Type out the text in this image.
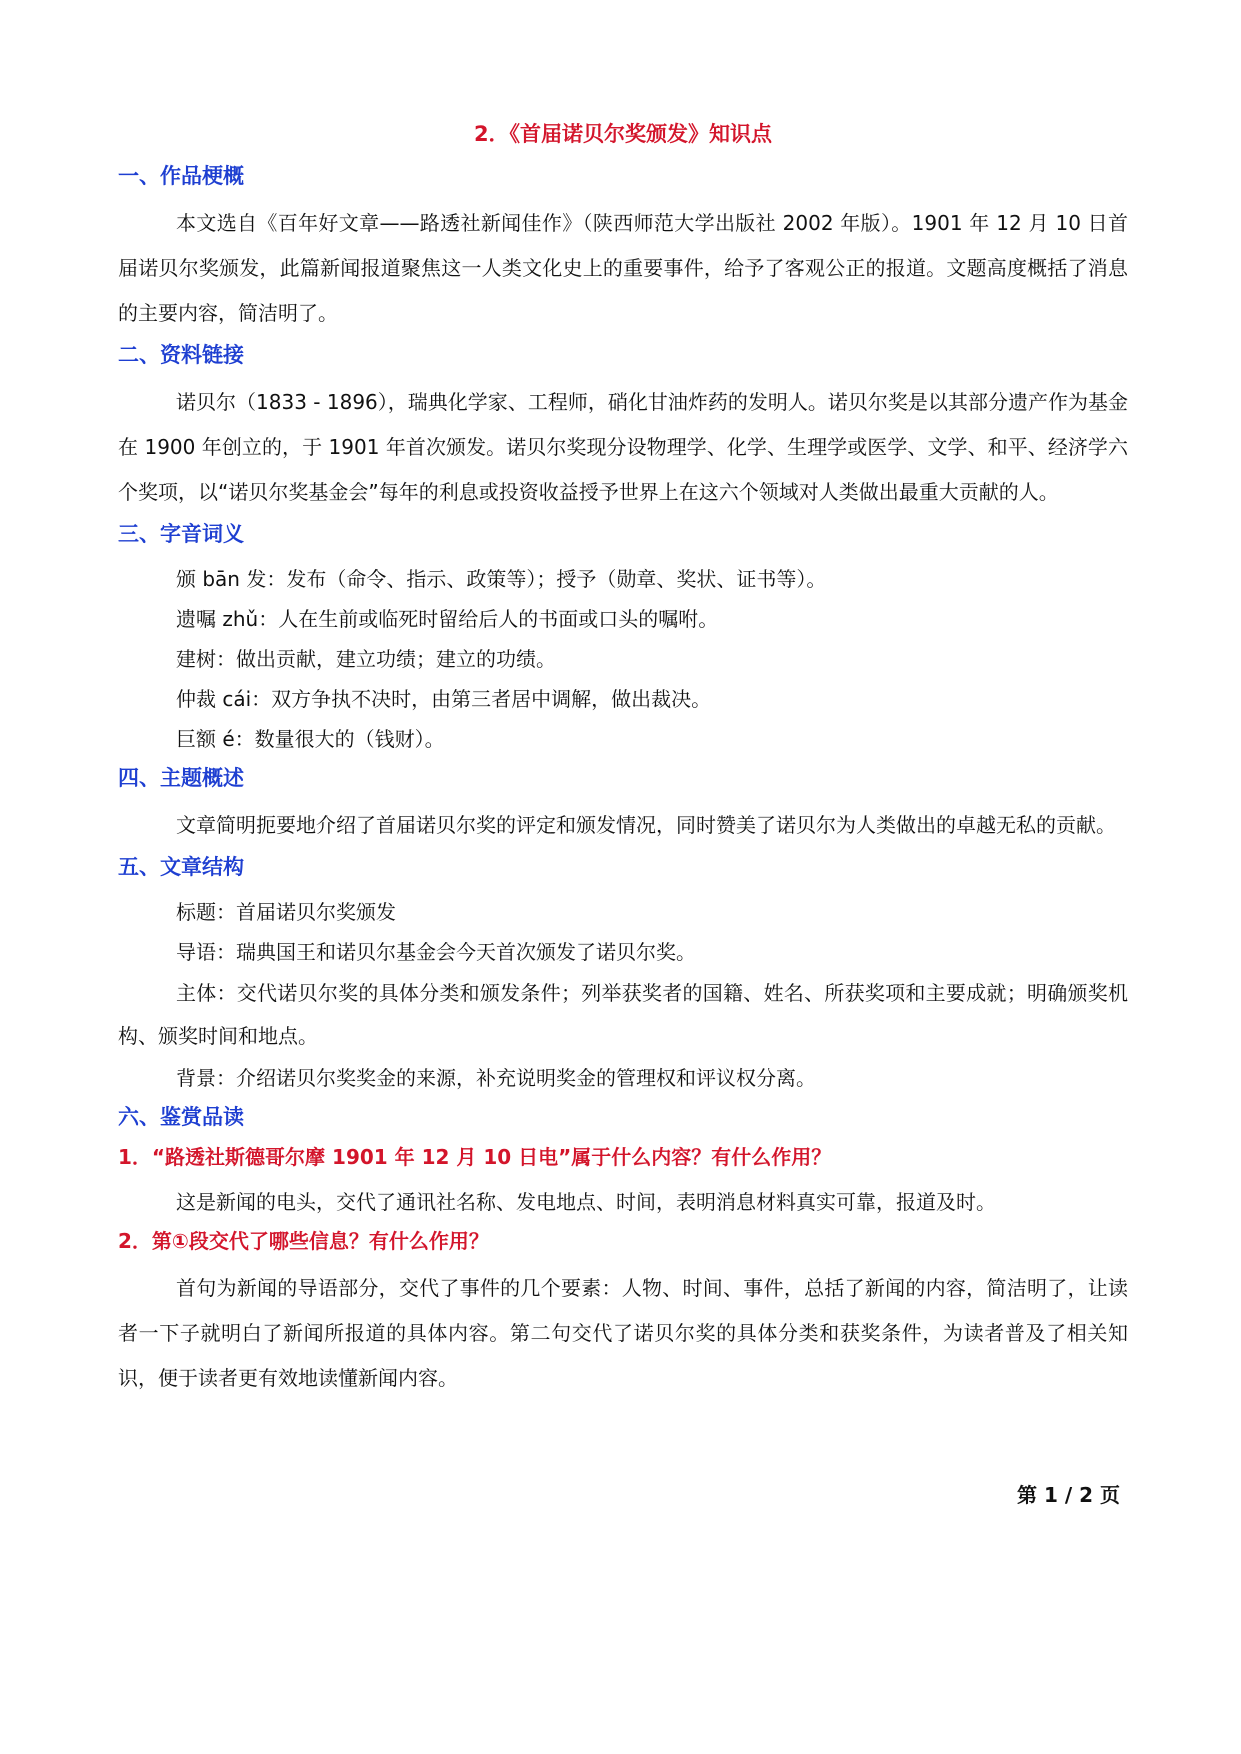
2．《首届诺贝尔奖颁发》知识点
一、作品梗概

本文选自《百年好文章——路透社新闻佳作》（陕西师范大学出版社 2002 年版）。1901 年 12 月 10 日首届诺贝尔奖颁发，此篇新闻报道聚焦这一人类文化史上的重要事件，给予了客观公正的报道。文题高度概括了消息的主要内容，简洁明了。

二、资料链接

诺贝尔（1833 - 1896），瑞典化学家、工程师，硝化甘油炸药的发明人。诺贝尔奖是以其部分遗产作为基金在 1900 年创立的，于 1901 年首次颁发。诺贝尔奖现分设物理学、化学、生理学或医学、文学、和平、经济学六个奖项，以“诺贝尔奖基金会”每年的利息或投资收益授予世界上在这六个领域对人类做出最重大贡献的人。

三、字音词义

颁 bān 发：发布（命令、指示、政策等）；授予（勋章、奖状、证书等）。

遗嘱 zhǔ：人在生前或临死时留给后人的书面或口头的嘱咐。

建树：做出贡献，建立功绩；建立的功绩。

仲裁 cái：双方争执不决时，由第三者居中调解，做出裁决。

巨额 é：数量很大的（钱财）。

四、主题概述

文章简明扼要地介绍了首届诺贝尔奖的评定和颁发情况，同时赞美了诺贝尔为人类做出的卓越无私的贡献。

五、文章结构

标题：首届诺贝尔奖颁发

导语：瑞典国王和诺贝尔基金会今天首次颁发了诺贝尔奖。

主体：交代诺贝尔奖的具体分类和颁发条件；列举获奖者的国籍、姓名、所获奖项和主要成就；明确颁奖机构、颁奖时间和地点。

背景：介绍诺贝尔奖奖金的来源，补充说明奖金的管理权和评议权分离。

六、鉴赏品读

1．“路透社斯德哥尔摩 1901 年 12 月 10 日电”属于什么内容？有什么作用？

这是新闻的电头，交代了通讯社名称、发电地点、时间，表明消息材料真实可靠，报道及时。

2．第①段交代了哪些信息？有什么作用？

首句为新闻的导语部分，交代了事件的几个要素：人物、时间、事件，总括了新闻的内容，简洁明了，让读者一下子就明白了新闻所报道的具体内容。第二句交代了诺贝尔奖的具体分类和获奖条件，为读者普及了相关知识，便于读者更有效地读懂新闻内容。

第 1 / 2 页
